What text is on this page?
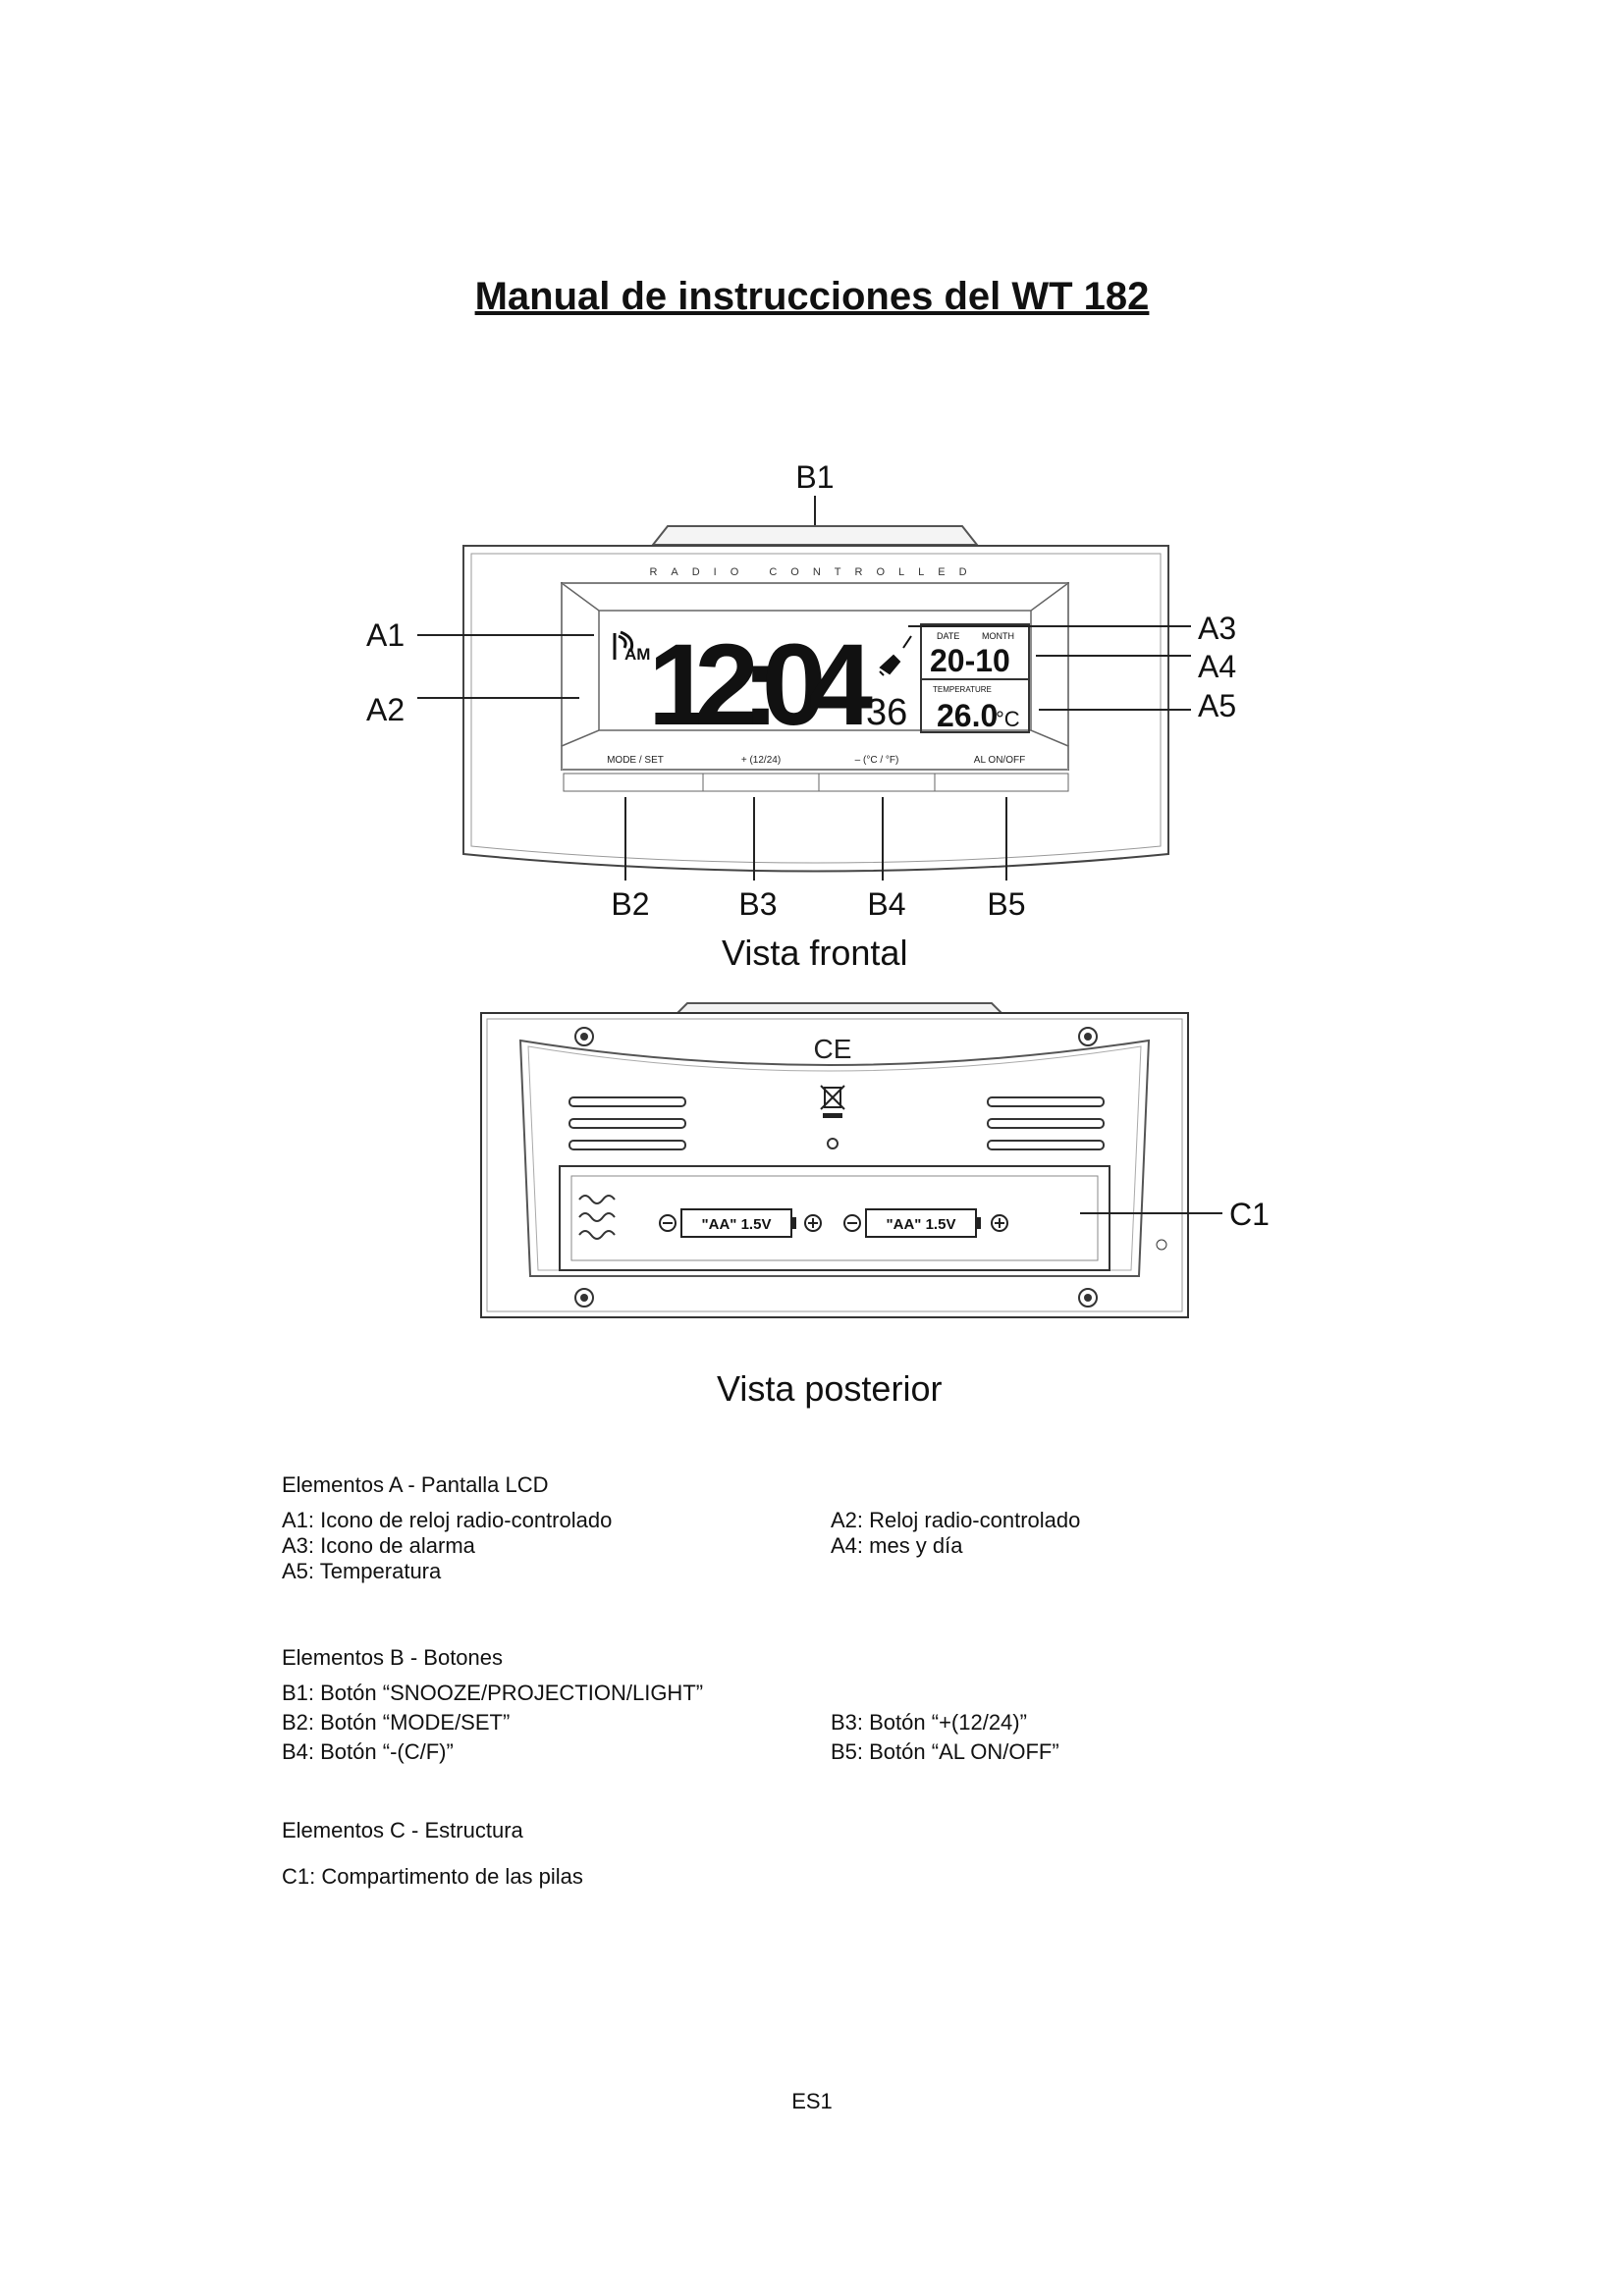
Manual de instrucciones del WT 182
RADIO CONTROLLED
AM
12:04
36
DATE	MONTH
20-10
TEMPERATURE
26.0
°C
MODE / SET	+ (12/24)	– (°C / °F)	AL ON/OFF
B1
A1
A2
A3
A4
A5
B2	B3	B4	B5
Vista frontal
CE
"AA" 1.5V	"AA" 1.5V	C1
Vista posterior
Elementos A - Pantalla LCD
A1: Icono de reloj radio-controlado
A3: Icono de alarma
A5: Temperatura
A2: Reloj radio-controlado
A4: mes y día
Elementos B - Botones
B1: Botón “SNOOZE/PROJECTION/LIGHT”
B2: Botón “MODE/SET”
B4: Botón “-(C/F)”
B3: Botón “+(12/24)”
B5: Botón “AL ON/OFF”
Elementos C - Estructura
C1: Compartimento de las pilas
ES1
